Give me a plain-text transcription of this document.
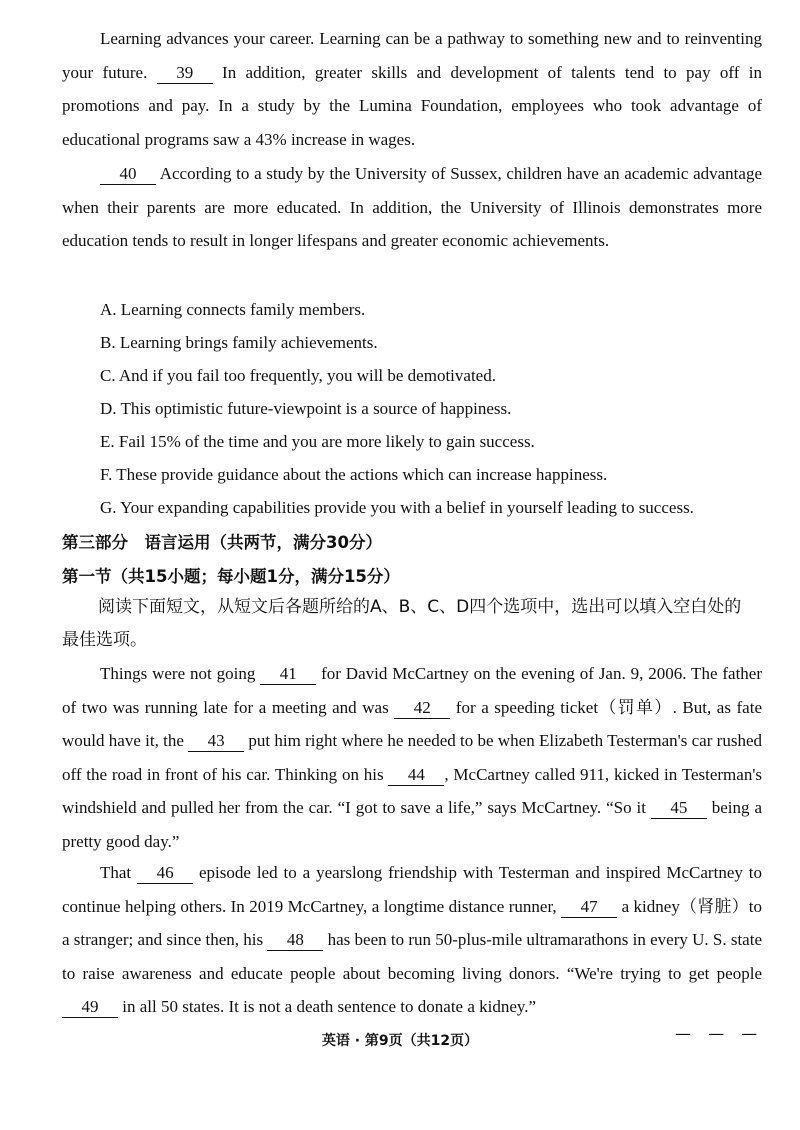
Learning advances your career. Learning can be a pathway to something new and to reinventing your future. 39 In addition, greater skills and development of talents tend to pay off in promotions and pay. In a study by the Lumina Foundation, employees who took advantage of educational programs saw a 43% increase in wages.

40 According to a study by the University of Sussex, children have an academic advantage when their parents are more educated. In addition, the University of Illinois demonstrates more education tends to result in longer lifespans and greater economic achievements.

A. Learning connects family members.

B. Learning brings family achievements.

C. And if you fail too frequently, you will be demotivated.

D. This optimistic future-viewpoint is a source of happiness.

E. Fail 15% of the time and you are more likely to gain success.

F. These provide guidance about the actions which can increase happiness.

G. Your expanding capabilities provide you with a belief in yourself leading to success.

第三部分　语言运用（共两节，满分30分）

第一节（共15小题；每小题1分，满分15分）

阅读下面短文，从短文后各题所给的A、B、C、D四个选项中，选出可以填入空白处的最佳选项。

Things were not going 41 for David McCartney on the evening of Jan. 9, 2006. The father of two was running late for a meeting and was 42 for a speeding ticket（罚单）. But, as fate would have it, the 43 put him right where he needed to be when Elizabeth Testerman's car rushed off the road in front of his car. Thinking on his 44 , McCartney called 911, kicked in Testerman's windshield and pulled her from the car. “I got to save a life,” says McCartney. “So it 45 being a pretty good day.”

That 46 episode led to a yearslong friendship with Testerman and inspired McCartney to continue helping others. In 2019 McCartney, a longtime distance runner, 47 a kidney（肾脏）to a stranger; and since then, his 48 has been to run 50-plus-mile ultramarathons in every U. S. state to raise awareness and educate people about becoming living donors. “We're trying to get people 49 in all 50 states. It is not a death sentence to donate a kidney.”

英语 · 第9页（共12页）	— — —
